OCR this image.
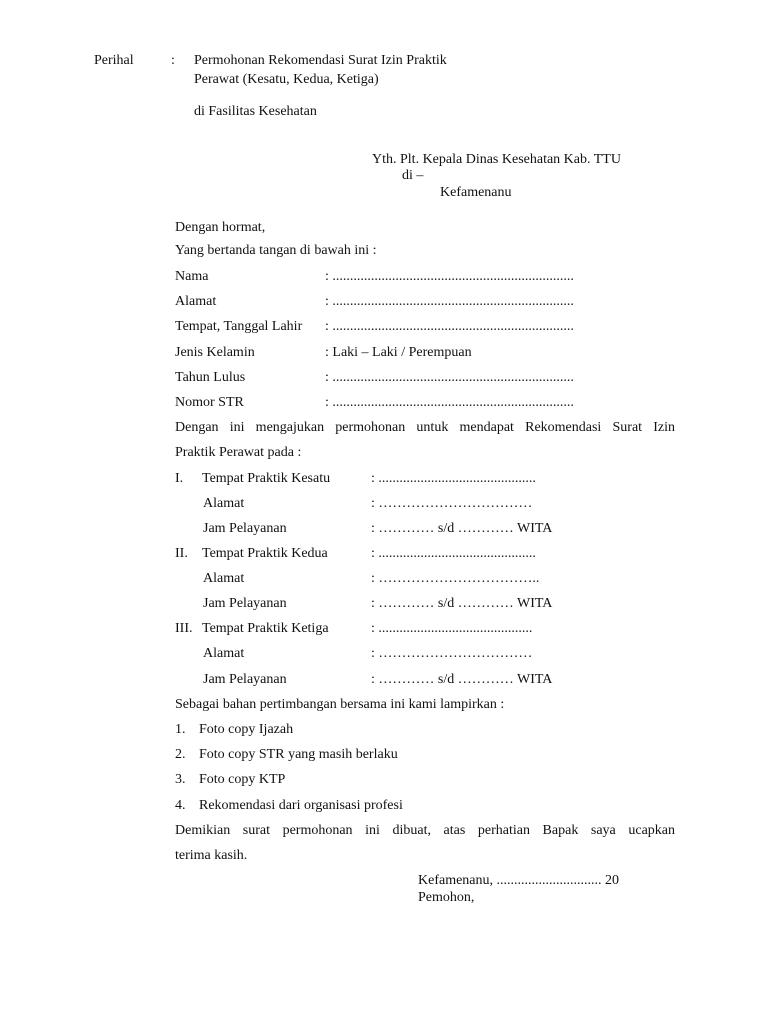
Perihal	: Permohonan Rekomendasi Surat Izin Praktik
Perawat (Kesatu, Kedua, Ketiga)
di Fasilitas Kesehatan
Yth. Plt. Kepala Dinas Kesehatan Kab. TTU
di –
Kefamenanu
Dengan hormat,
Yang bertanda tangan di bawah ini :
Nama	: .....................................................................
Alamat	: .....................................................................
Tempat, Tanggal Lahir : .....................................................................
Jenis Kelamin	: Laki – Laki / Perempuan
Tahun Lulus	: .....................................................................
Nomor STR	: .....................................................................
Dengan ini mengajukan permohonan untuk mendapat Rekomendasi Surat Izin
Praktik Perawat pada :
I. Tempat Praktik Kesatu	: .............................................
Alamat	: ……………………………
Jam Pelayanan	: ………… s/d ………… WITA
II. Tempat Praktik Kedua	: .............................................
Alamat	: ……………………………..
Jam Pelayanan	: ………… s/d ………… WITA
III. Tempat Praktik Ketiga	: ............................................
Alamat	: ……………………………
Jam Pelayanan	: ………… s/d ………… WITA
Sebagai bahan pertimbangan bersama ini kami lampirkan :
1. Foto copy Ijazah
2. Foto copy STR yang masih berlaku
3. Foto copy KTP
4. Rekomendasi dari organisasi profesi
Demikian surat permohonan ini dibuat, atas perhatian Bapak saya ucapkan
terima kasih.
Kefamenanu, .............................. 20
Pemohon,
